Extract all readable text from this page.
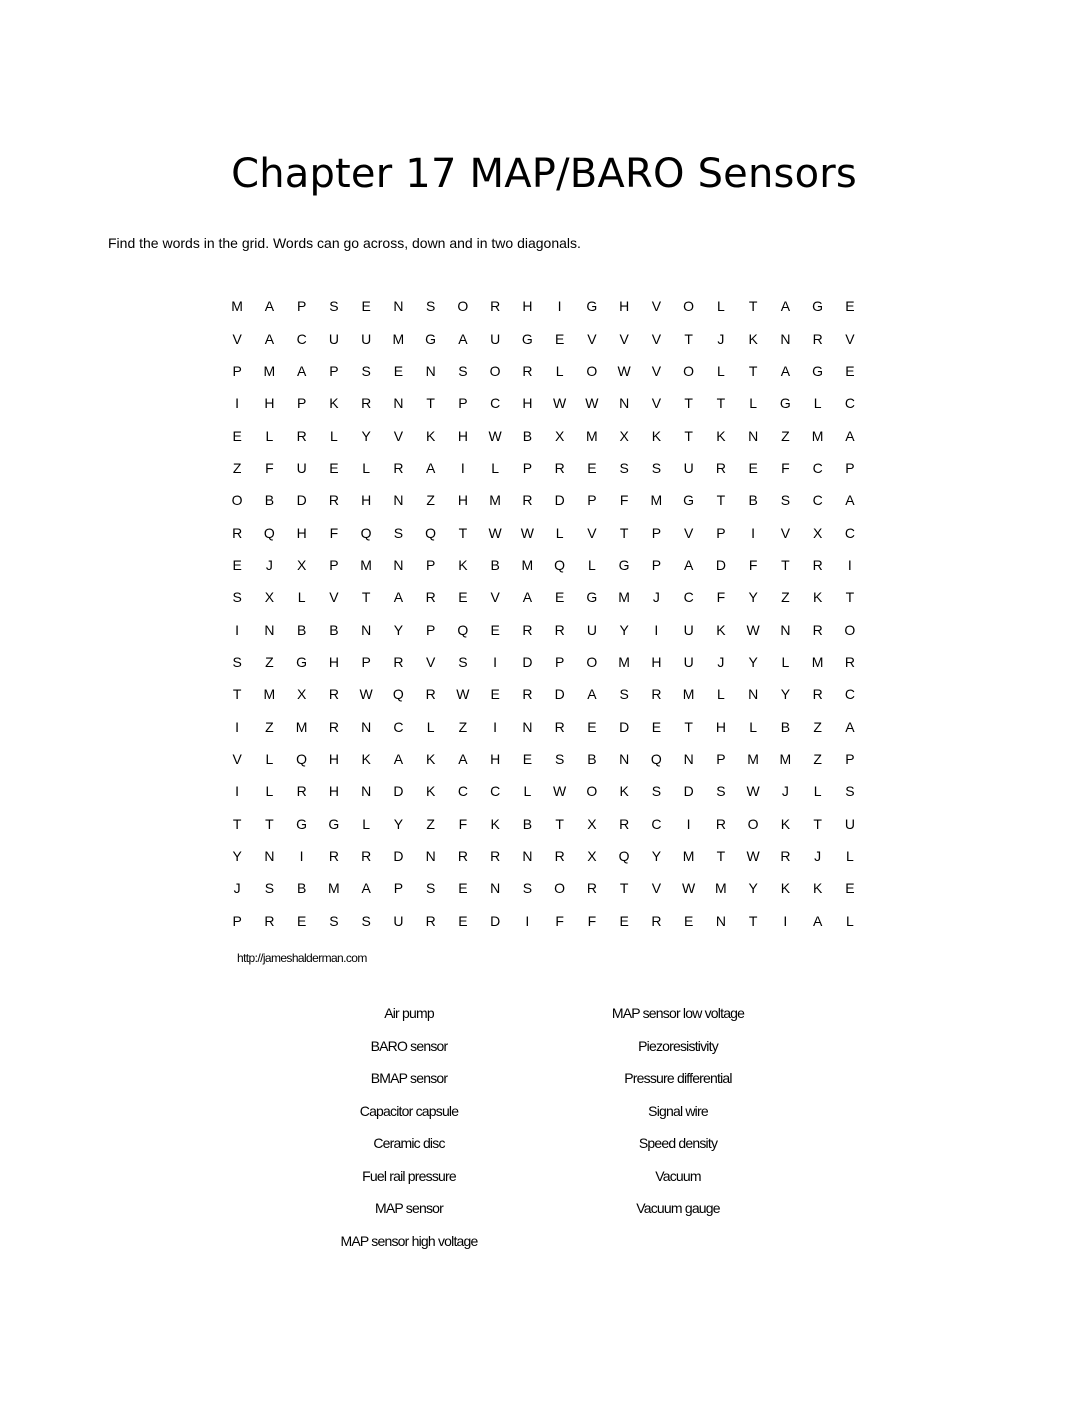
Chapter 17 MAP/BARO Sensors
Find the words in the grid. Words can go across, down and in two diagonals.
M	A	P	S	E	N	S	O	R	H	I	G	H	V	O	L	T	A	G	E
V	A	C	U	U	M	G	A	U	G	E	V	V	V	T	J	K	N	R	V
P	M	A	P	S	E	N	S	O	R	L	O	W	V	O	L	T	A	G	E
I	H	P	K	R	N	T	P	C	H	W	W	N	V	T	T	L	G	L	C
E	L	R	L	Y	V	K	H	W	B	X	M	X	K	T	K	N	Z	M	A
Z	F	U	E	L	R	A	I	L	P	R	E	S	S	U	R	E	F	C	P
O	B	D	R	H	N	Z	H	M	R	D	P	F	M	G	T	B	S	C	A
R	Q	H	F	Q	S	Q	T	W	W	L	V	T	P	V	P	I	V	X	C
E	J	X	P	M	N	P	K	B	M	Q	L	G	P	A	D	F	T	R	I
S	X	L	V	T	A	R	E	V	A	E	G	M	J	C	F	Y	Z	K	T
I	N	B	B	N	Y	P	Q	E	R	R	U	Y	I	U	K	W	N	R	O
S	Z	G	H	P	R	V	S	I	D	P	O	M	H	U	J	Y	L	M	R
T	M	X	R	W	Q	R	W	E	R	D	A	S	R	M	L	N	Y	R	C
I	Z	M	R	N	C	L	Z	I	N	R	E	D	E	T	H	L	B	Z	A
V	L	Q	H	K	A	K	A	H	E	S	B	N	Q	N	P	M	M	Z	P
I	L	R	H	N	D	K	C	C	L	W	O	K	S	D	S	W	J	L	S
T	T	G	G	L	Y	Z	F	K	B	T	X	R	C	I	R	O	K	T	U
Y	N	I	R	R	D	N	R	R	N	R	X	Q	Y	M	T	W	R	J	L
J	S	B	M	A	P	S	E	N	S	O	R	T	V	W	M	Y	K	K	E
P	R	E	S	S	U	R	E	D	I	F	F	E	R	E	N	T	I	A	L
http://jameshalderman.com
Air pump
BARO sensor
BMAP sensor
Capacitor capsule
Ceramic disc
Fuel rail pressure
MAP sensor
MAP sensor high voltage
MAP sensor low voltage
Piezoresistivity
Pressure differential
Signal wire
Speed density
Vacuum
Vacuum gauge
